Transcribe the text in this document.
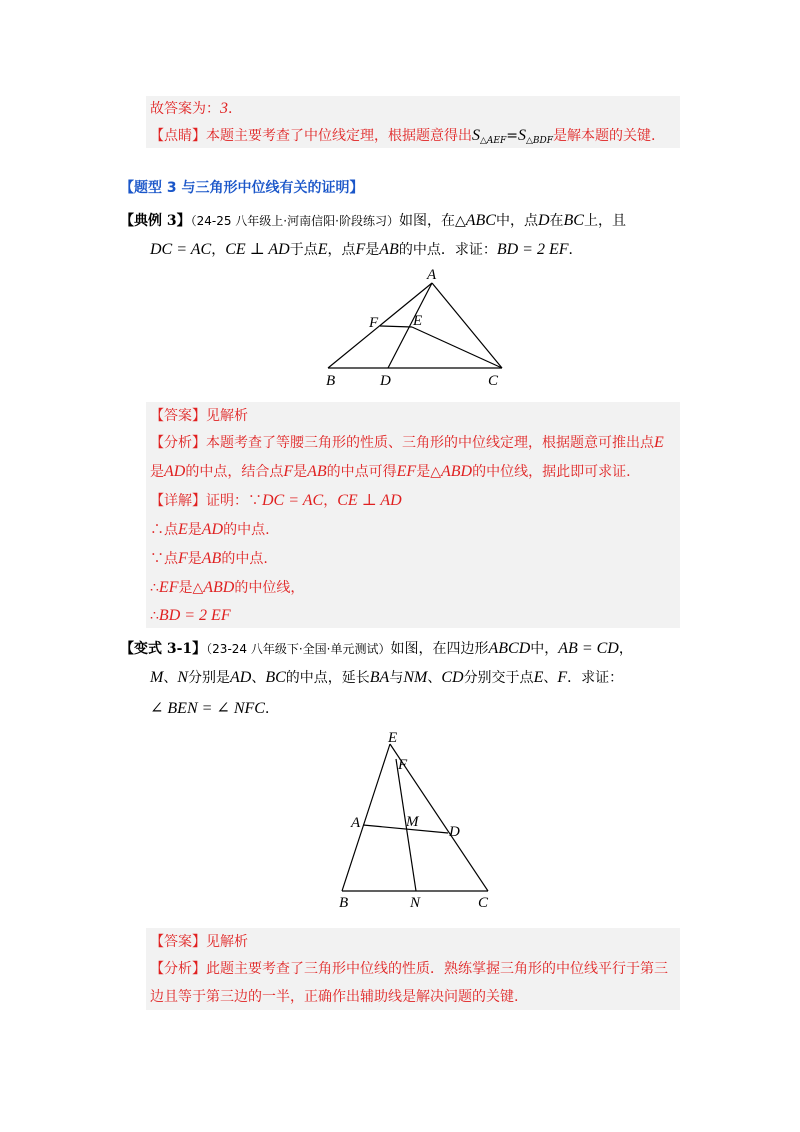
故答案为：3.
【点睛】本题主要考查了中位线定理，根据题意得出$S_{\triangle AEF}=S_{\triangle BDF}$是解本题的关键.
【题型 3 与三角形中位线有关的证明】
【典例 3】（24-25 八年级上·河南信阳·阶段练习）如图，在△ABC中，点D在BC上，且
DC = AC，CE ⊥ AD于点E，点F是AB的中点．求证：BD = 2 EF．
A
B	C
D
E
F
【答案】见解析
【分析】本题考查了等腰三角形的性质、三角形的中位线定理，根据题意可推出点E
是AD的中点，结合点F是AB的中点可得EF是△ABD的中位线，据此即可求证.
【详解】证明：∵DC = AC，CE ⊥ AD
∴点E是AD的中点.
∵点F是AB的中点.
∴EF是△ABD的中位线，
∴BD = 2 EF
【变式 3-1】（23-24 八年级下·全国·单元测试）如图，在四边形ABCD中，AB = CD，
M、N分别是AD、BC的中点，延长BA与NM、CD分别交于点E、F．求证：
∠ BEN = ∠ NFC．
E
F
A	M
D
B	N	C
【答案】见解析
【分析】此题主要考查了三角形中位线的性质．熟练掌握三角形的中位线平行于第三
边且等于第三边的一半，正确作出辅助线是解决问题的关键.
